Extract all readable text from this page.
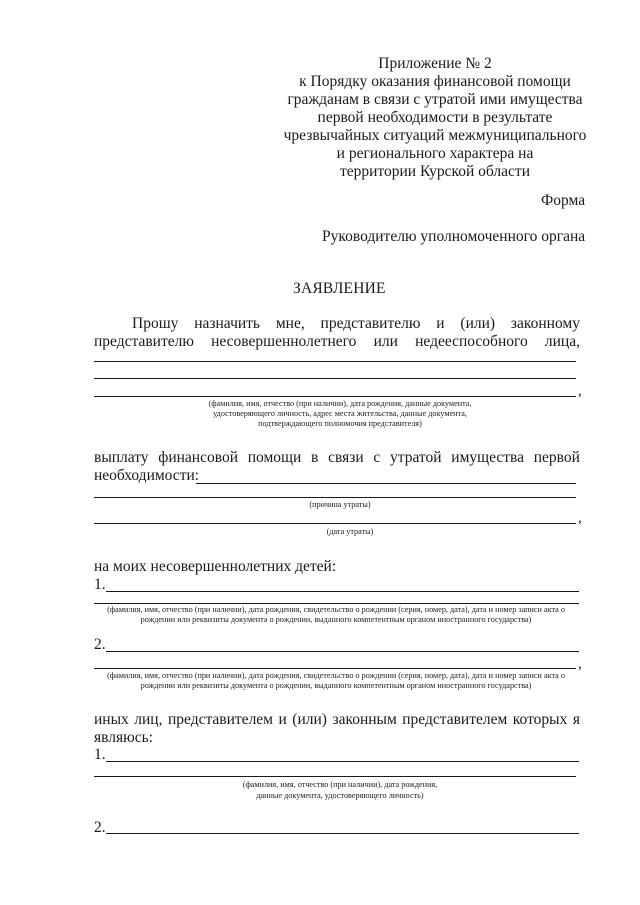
Приложение № 2
к Порядку оказания финансовой помощи
гражданам в связи с утратой ими имущества
первой необходимости в результате
чрезвычайных ситуаций межмуниципального
и регионального характера на
территории Курской области
Форма
Руководителю уполномоченного органа
ЗАЯВЛЕНИЕ
Прошу назначить мне, представителю и (или) законному
представителю несовершеннолетнего или недееспособного лица,
,
(фамилия, имя, отчество (при наличии), дата рождения, данные документа,
удостоверяющего личность, адрес места жительства, данные документа,
подтверждающего полномочия представителя)
выплату финансовой помощи в связи с утратой имущества первой
необходимости:
(причина утраты)
,
(дата утраты)
на моих несовершеннолетних детей:
1.
(фамилия, имя, отчество (при наличии), дата рождения, свидетельство о рождении (серия, номер, дата), дата и номер записи акта о
рождении или реквизиты документа о рождении, выданного компетентным органом иностранного государства)
2.
,
(фамилия, имя, отчество (при наличии), дата рождения, свидетельство о рождении (серия, номер, дата), дата и номер записи акта о
рождении или реквизиты документа о рождении, выданного компетентным органом иностранного государства)
иных лиц, представителем и (или) законным представителем которых я
являюсь:
1.
(фамилия, имя, отчество (при наличии), дата рождения,
данные документа, удостоверяющего личность)
2.
